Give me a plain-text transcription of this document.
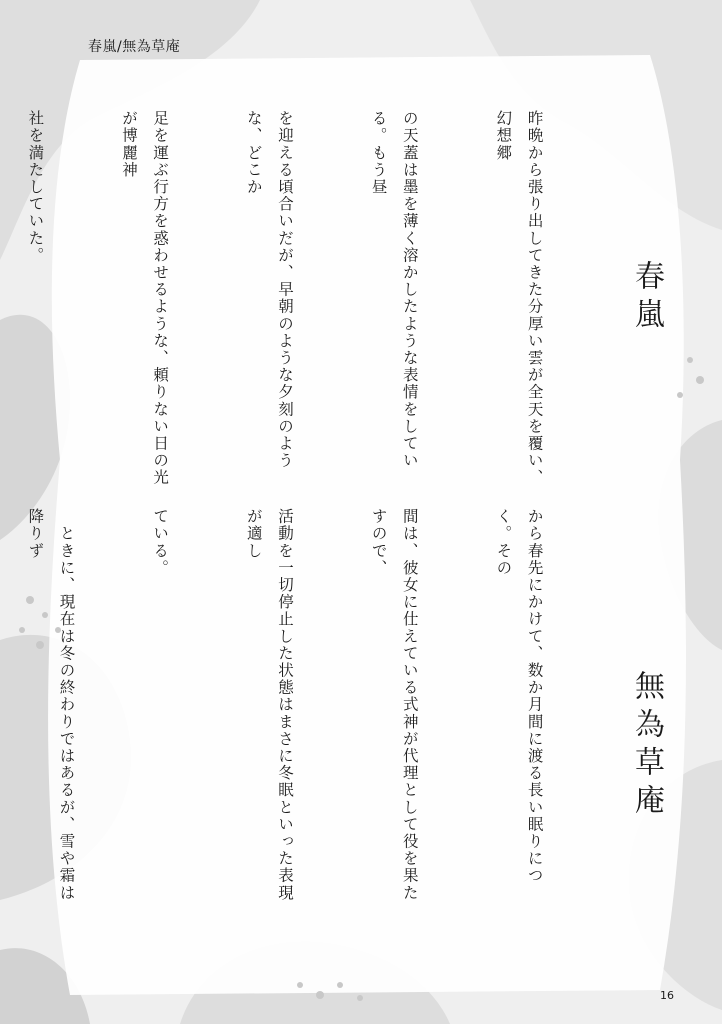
春嵐/無為草庵
春嵐
無為草庵

昨晩から張り出してきた分厚い雲が全天を覆い、幻想郷

の天蓋は墨を薄く溶かしたような表情をしている。もう昼

を迎える頃合いだが、早朝のような夕刻のような、どこか

足を運ぶ行方を惑わせるような、頼りない日の光が博麗神

社を満たしていた。

から春先にかけて、数か月間に渡る長い眠りにつく。その

間は、彼女に仕えている式神が代理として役を果たすので、

活動を一切停止した状態はまさに冬眠といった表現が適し

ている。

　ときに、現在は冬の終わりではあるが、雪や霜は降りず

16
